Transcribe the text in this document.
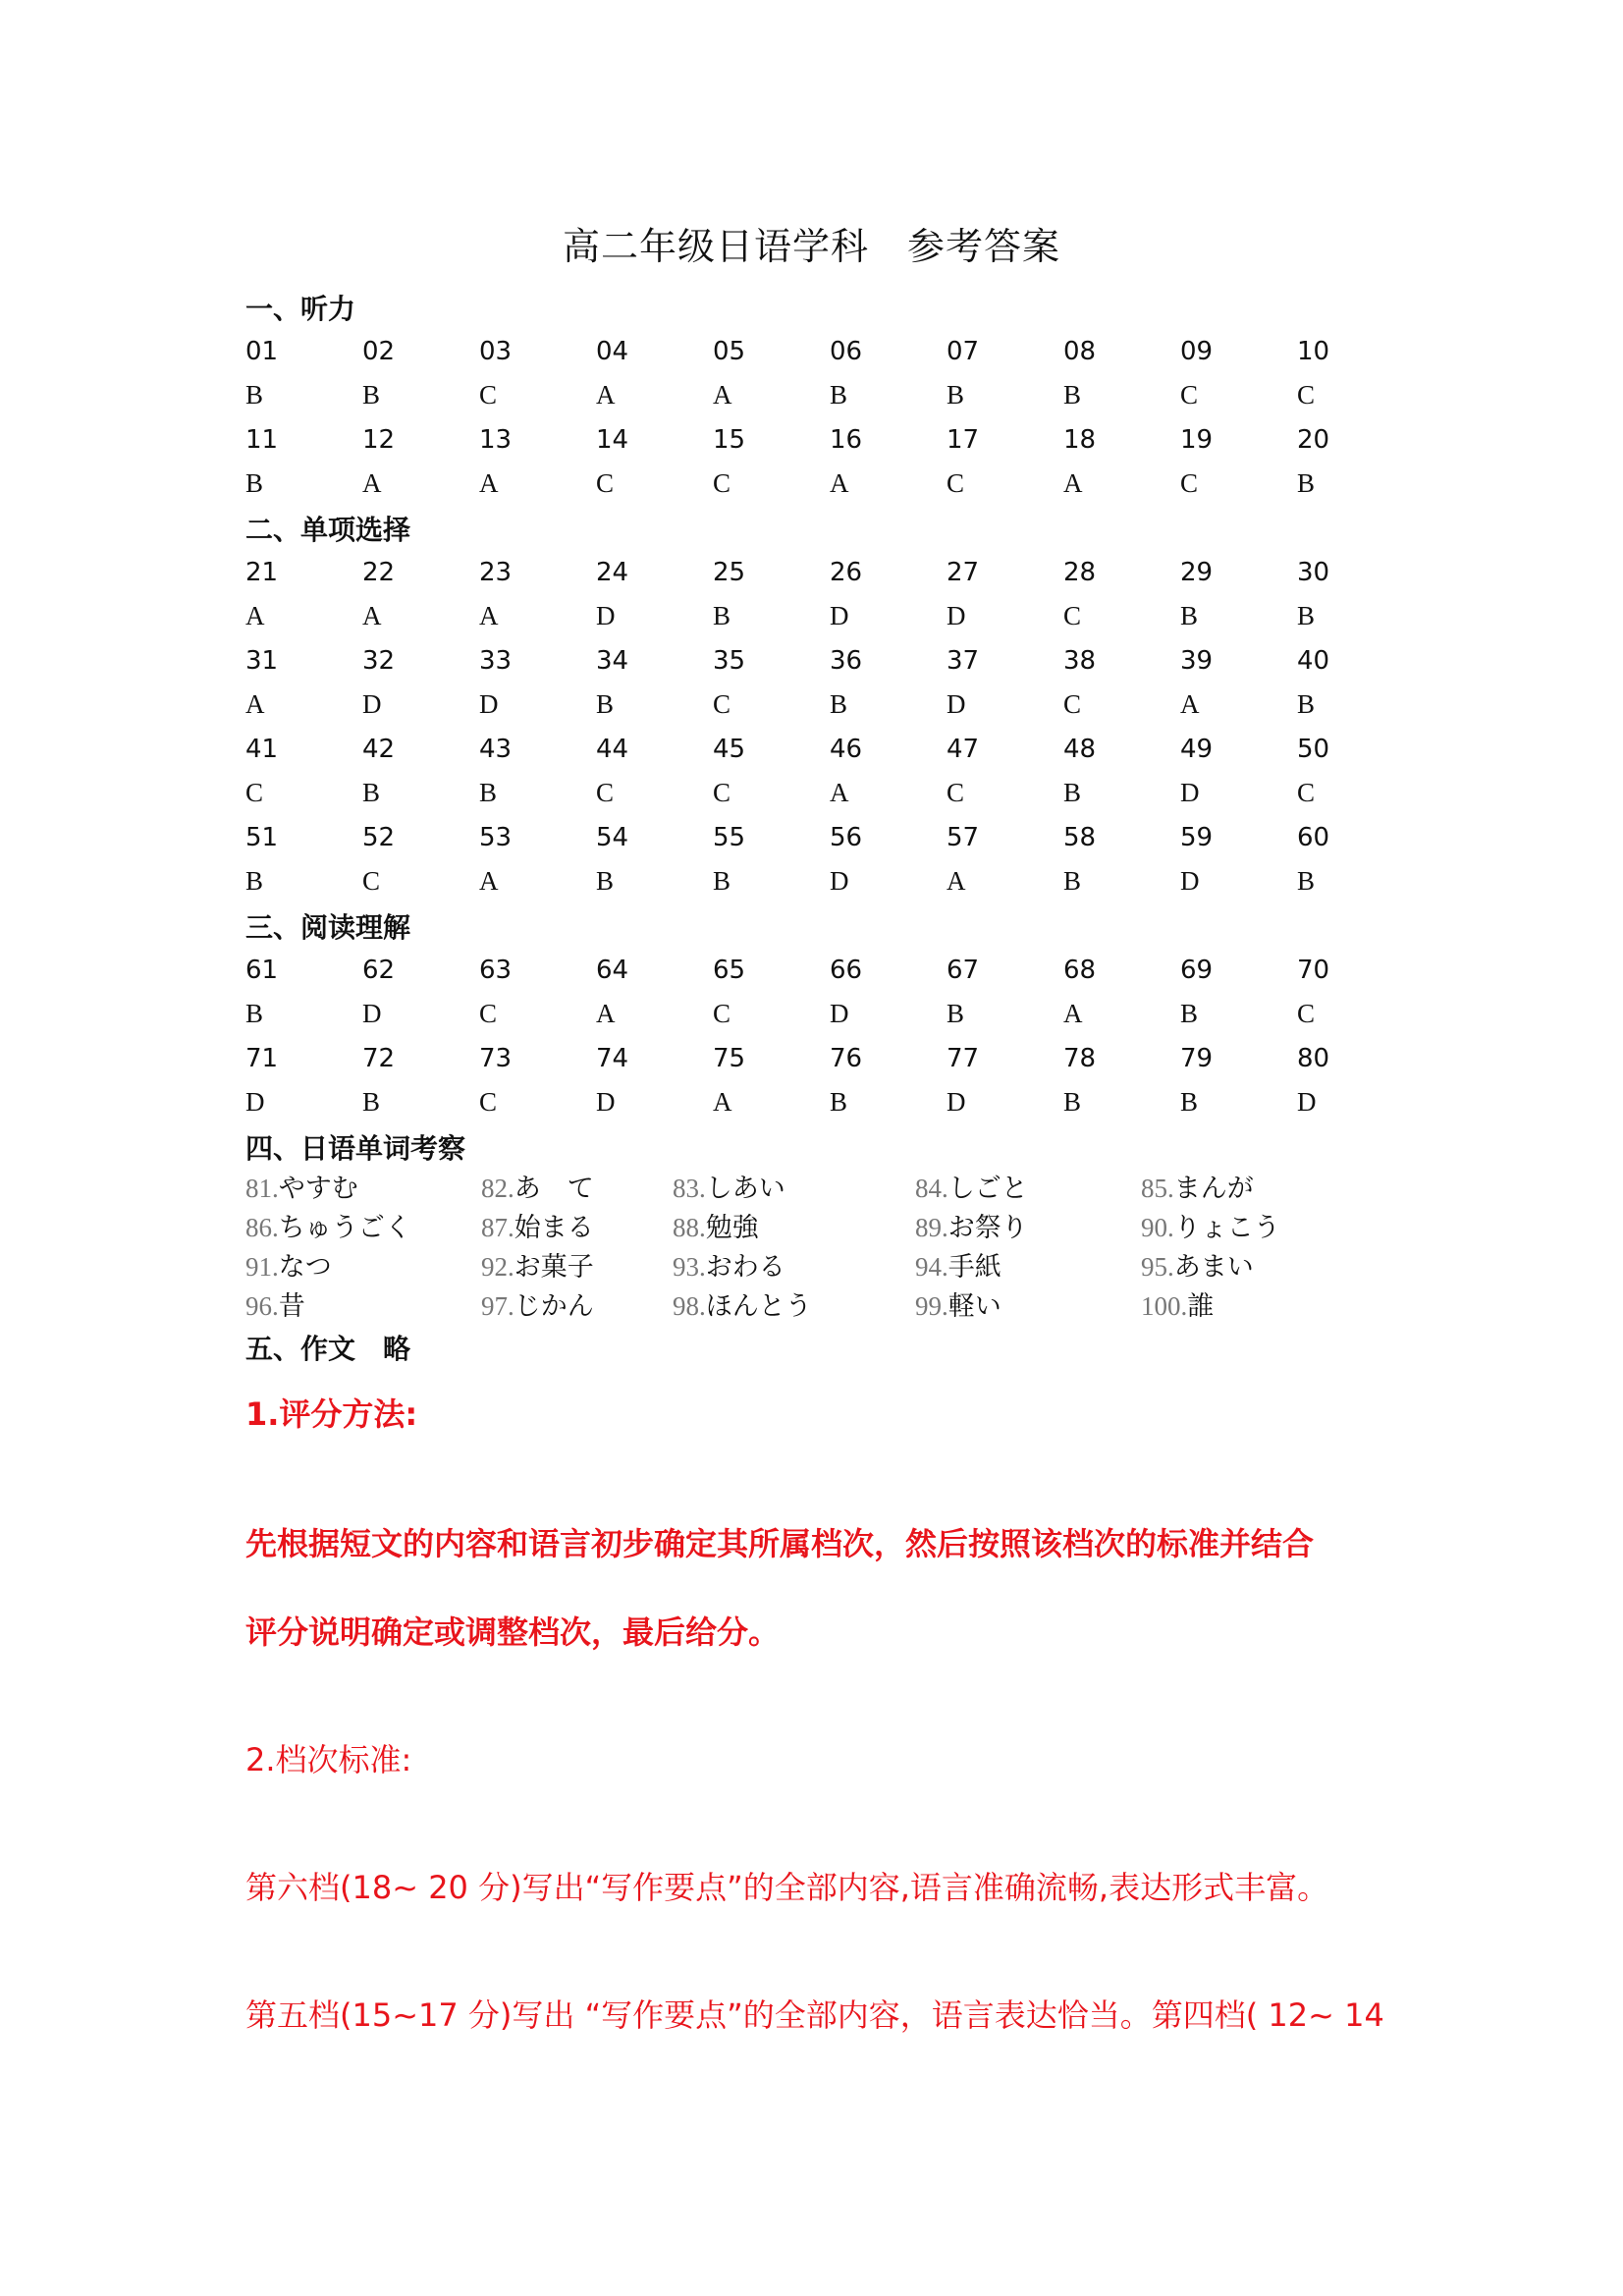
高二年级日语学科　参考答案
一、听力
01	02	03	04	05	06	07	08	09	10
B	B	C	A	A	B	B	B	C	C
11	12	13	14	15	16	17	18	19	20
B	A	A	C	C	A	C	A	C	B
二、单项选择
21	22	23	24	25	26	27	28	29	30
A	A	A	D	B	D	D	C	B	B
31	32	33	34	35	36	37	38	39	40
A	D	D	B	C	B	D	C	A	B
41	42	43	44	45	46	47	48	49	50
C	B	B	C	C	A	C	B	D	C
51	52	53	54	55	56	57	58	59	60
B	C	A	B	B	D	A	B	D	B
三、阅读理解
61	62	63	64	65	66	67	68	69	70
B	D	C	A	C	D	B	A	B	C
71	72	73	74	75	76	77	78	79	80
D	B	C	D	A	B	D	B	B	D
四、日语单词考察
81.やすむ	82.あ　て	83.しあい	84.しごと	85.まんが
86.ちゅうごく	87.始まる	88.勉強	89.お祭り	90.りょこう
91.なつ	92.お菓子	93.おわる	94.手紙	95.あまい
96.昔	97.じかん	98.ほんとう	99.軽い	100.誰
五、作文　略
1.评分方法:
先根据短文的内容和语言初步确定其所属档次，然后按照该档次的标准并结合
评分说明确定或调整档次，最后给分。
2.档次标准:
第六档(18~ 20 分)写出“写作要点”的全部内容,语言准确流畅,表达形式丰富。
第五档(15~17 分)写出 “写作要点”的全部内容，语言表达恰当。第四档( 12~ 14
